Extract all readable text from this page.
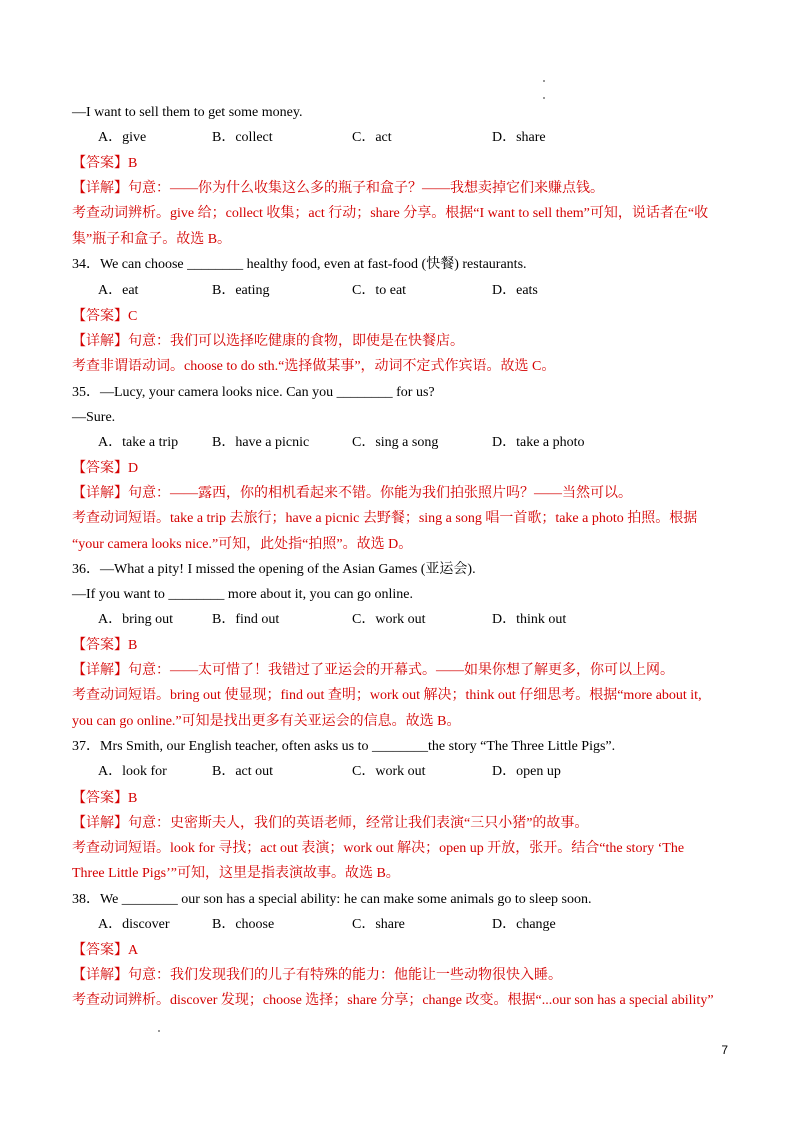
7
—I want to sell them to get some money.
A．give	B．collect	C．act	D．share
【答案】B
【详解】句意：——你为什么收集这么多的瓶子和盒子？——我想卖掉它们来赚点钱。
考查动词辨析。give 给；collect 收集；act 行动；share 分享。根据“I want to sell them”可知，说话者在“收
集”瓶子和盒子。故选 B。
34．We can choose ________ healthy food, even at fast-food (快餐) restaurants.
A．eat	B．eating	C．to eat	D．eats
【答案】C
【详解】句意：我们可以选择吃健康的食物，即使是在快餐店。
考查非谓语动词。choose to do sth.“选择做某事”，动词不定式作宾语。故选 C。
35．—Lucy, your camera looks nice. Can you ________ for us?
—Sure.
A．take a trip B．have a picnic	C．sing a song	D．take a photo
【答案】D
【详解】句意：——露西，你的相机看起来不错。你能为我们拍张照片吗？——当然可以。
考查动词短语。take a trip 去旅行；have a picnic 去野餐；sing a song 唱一首歌；take a photo 拍照。根据
“your camera looks nice.”可知，此处指“拍照”。故选 D。
36．—What a pity! I missed the opening of the Asian Games (亚运会).
—If you want to ________ more about it, you can go online.
A．bring out	B．find out	C．work out	D．think out
【答案】B
【详解】句意：——太可惜了！我错过了亚运会的开幕式。——如果你想了解更多，你可以上网。
考查动词短语。bring out 使显现；find out 查明；work out 解决；think out 仔细思考。根据“more about it,
you can go online.”可知是找出更多有关亚运会的信息。故选 B。
37．Mrs Smith, our English teacher, often asks us to ________the story “The Three Little Pigs”.
A．look for	B．act out	C．work out	D．open up
【答案】B
【详解】句意：史密斯夫人，我们的英语老师，经常让我们表演“三只小猪”的故事。
考查动词短语。look for 寻找；act out 表演；work out 解决；open up 开放，张开。结合“the story ‘The
Three Little Pigs’”可知，这里是指表演故事。故选 B。
38．We ________ our son has a special ability: he can make some animals go to sleep soon.
A．discover	B．choose	C．share	D．change
【答案】A
【详解】句意：我们发现我们的儿子有特殊的能力：他能让一些动物很快入睡。
考查动词辨析。discover 发现；choose 选择；share 分享；change 改变。根据“...our son has a special ability”
